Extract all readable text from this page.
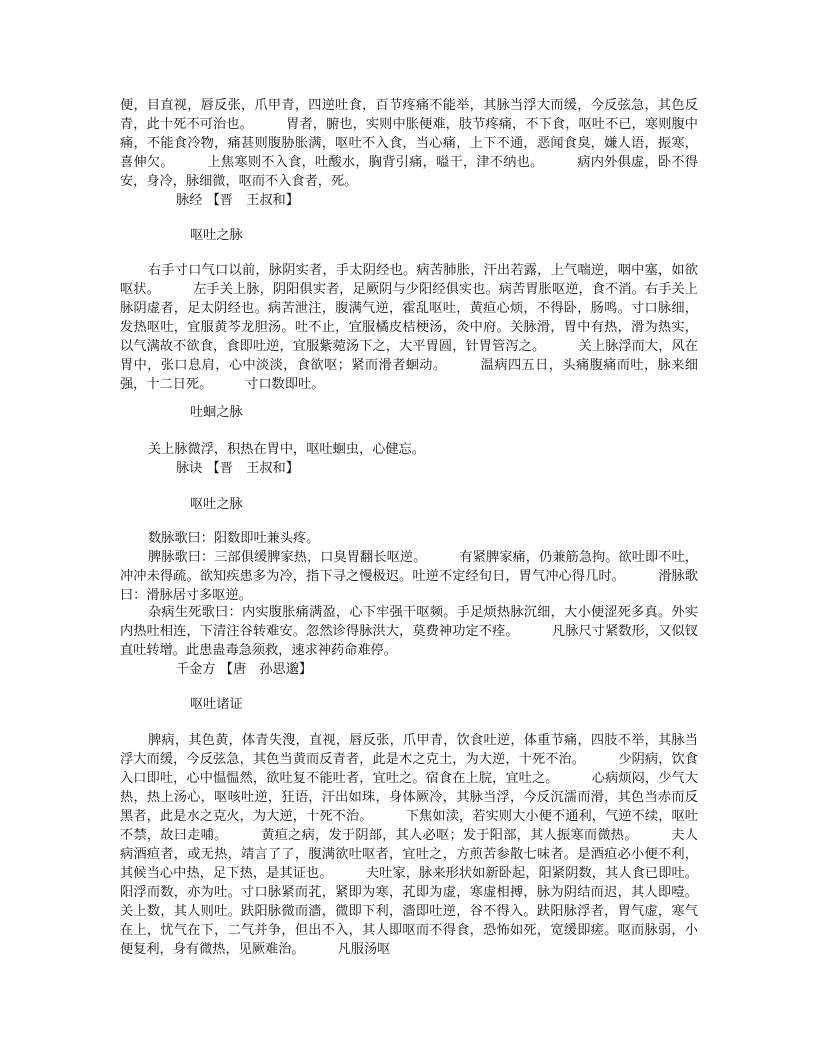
便，目直视，唇反张，爪甲青，四逆吐食，百节疼痛不能举，其脉当浮大而缓，今反弦急，其色反青，此十死不可治也。　　　胃者，腑也，实则中胀便难，肢节疼痛，不下食，呕吐不已，寒则腹中痛，不能食冷物，痛甚则腹胁胀满，呕吐不入食，当心痛，上下不通，恶闻食臭，嫌人语，振寒，喜伸欠。　　　上焦寒则不入食，吐酸水，胸背引痛，嗌干，津不纳也。　　　病内外俱虚，卧不得安，身冷，脉细微，呕而不入食者，死。

脉经 【晋　王叔和】

呕吐之脉

右手寸口气口以前，脉阴实者，手太阴经也。病苦肺胀，汗出若露，上气喘逆，咽中塞，如欲呕状。　　　左手关上脉，阴阳俱实者，足厥阴与少阳经俱实也。病苦胃胀呕逆，食不消。右手关上脉阴虚者，足太阴经也。病苦泄注，腹满气逆，霍乱呕吐，黄疸心烦，不得卧，肠鸣。寸口脉细，发热呕吐，宜服黄芩龙胆汤。吐不止，宜服橘皮桔梗汤，灸中府。关脉滑，胃中有热，滑为热实，以气满故不欲食，食即吐逆，宜服紫菀汤下之，大平胃圆，针胃管泻之。　　　关上脉浮而大，风在胃中，张口息肩，心中淡淡，食欲呕；紧而滑者蛔动。　　　温病四五日，头痛腹痛而吐，脉来细强，十二日死。　　　寸口数即吐。

吐蛔之脉

关上脉微浮，积热在胃中，呕吐蛔虫，心健忘。

脉诀 【晋　王叔和】

呕吐之脉

数脉歌曰：阳数即吐兼头疼。

脾脉歌曰：三部俱缓脾家热，口臭胃翻长呕逆。　　　有紧脾家痛，仍兼筋急拘。欲吐即不吐，冲冲未得疏。欲知疾患多为冷，指下寻之慢极迟。吐逆不定经旬日，胃气冲心得几时。　　　滑脉歌曰：滑脉居寸多呕逆。

杂病生死歌曰：内实腹胀痛满盈，心下牢强干呕频。手足烦热脉沉细，大小便涩死多真。外实内热吐相连，下清注谷转难安。忽然诊得脉洪大，莫费神功定不痊。　　　凡脉尺寸紧数形，又似钗直吐转增。此患蛊毒急须救，速求神药命难停。

千金方 【唐　孙思邈】

呕吐诸证

脾病，其色黄，体青失溲，直视，唇反张，爪甲青，饮食吐逆，体重节痛，四肢不举，其脉当浮大而缓，今反弦急，其色当黄而反青者，此是木之克土，为大逆，十死不治。　　　少阴病，饮食入口即吐，心中愠愠然，欲吐复不能吐者，宜吐之。宿食在上脘，宜吐之。　　　心病烦闷，少气大热，热上汤心，呕咳吐逆，狂语，汗出如珠，身体厥冷，其脉当浮，今反沉濡而滑，其色当赤而反黑者，此是水之克火，为大逆，十死不治。　　　下焦如渎，若实则大小便不通利，气逆不续，呕吐不禁，故曰走哺。　　　黄疸之病，发于阴部，其人必呕；发于阳部，其人振寒而微热。　　　夫人病酒疸者，或无热，靖言了了，腹满欲吐呕者，宜吐之，方煎苦参散七味者。是酒疸必小便不利，其候当心中热，足下热，是其证也。　　　夫吐家，脉来形状如新卧起，阳紧阴数，其人食已即吐。阳浮而数，亦为吐。寸口脉紧而芤，紧即为寒，芤即为虚，寒虚相搏，脉为阴结而迟，其人即噎。关上数，其人则吐。趺阳脉微而濇，微即下利，濇即吐逆，谷不得入。趺阳脉浮者，胃气虚，寒气在上，忧气在下，二气并争，但出不入，其人即呕而不得食，恐怖如死，宽缓即瘥。呕而脉弱，小便复利，身有微热，见厥难治。　　　凡服汤呕
